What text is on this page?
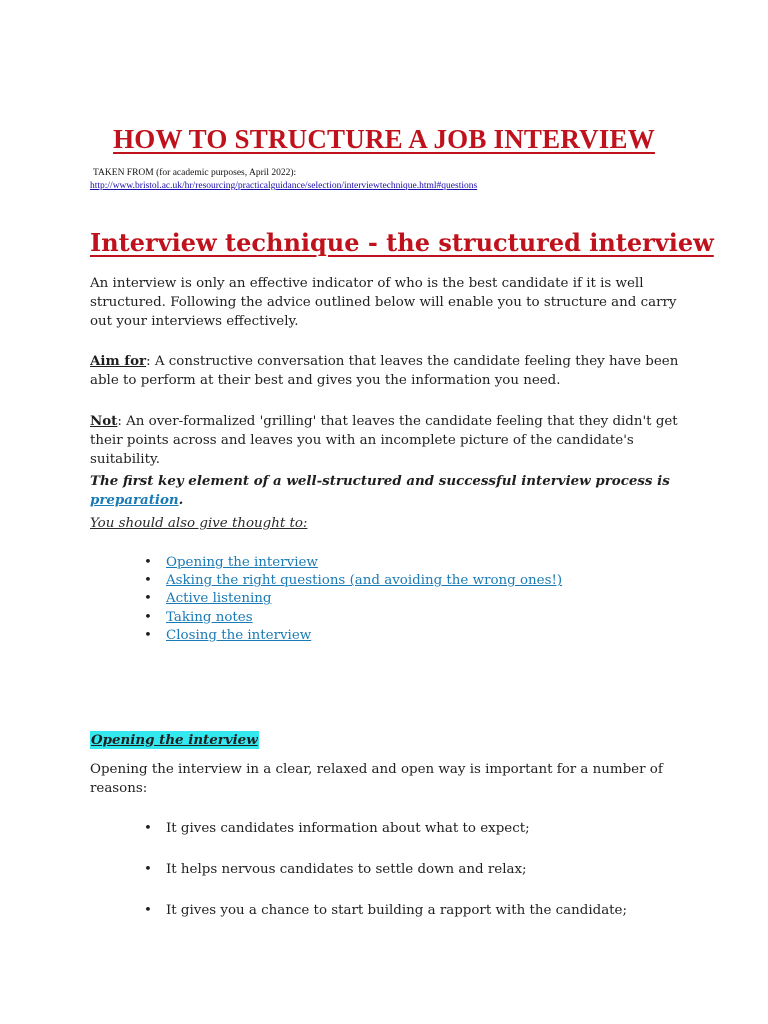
HOW TO STRUCTURE A JOB INTERVIEW
TAKEN FROM (for academic purposes, April 2022):
http://www.bristol.ac.uk/hr/resourcing/practicalguidance/selection/interviewtechnique.html#questions
Interview technique - the structured interview

An interview is only an effective indicator of who is the best candidate if it is well structured. Following the advice outlined below will enable you to structure and carry out your interviews effectively.

Aim for: A constructive conversation that leaves the candidate feeling they have been able to perform at their best and gives you the information you need.

Not: An over-formalized 'grilling' that leaves the candidate feeling that they didn't get their points across and leaves you with an incomplete picture of the candidate's suitability.

The first key element of a well-structured and successful interview process is preparation.

You should also give thought to:

• Opening the interview
• Asking the right questions (and avoiding the wrong ones!)
• Active listening
• Taking notes
• Closing the interview
Opening the interview

Opening the interview in a clear, relaxed and open way is important for a number of reasons:

• It gives candidates information about what to expect;
• It helps nervous candidates to settle down and relax;
• It gives you a chance to start building a rapport with the candidate;
